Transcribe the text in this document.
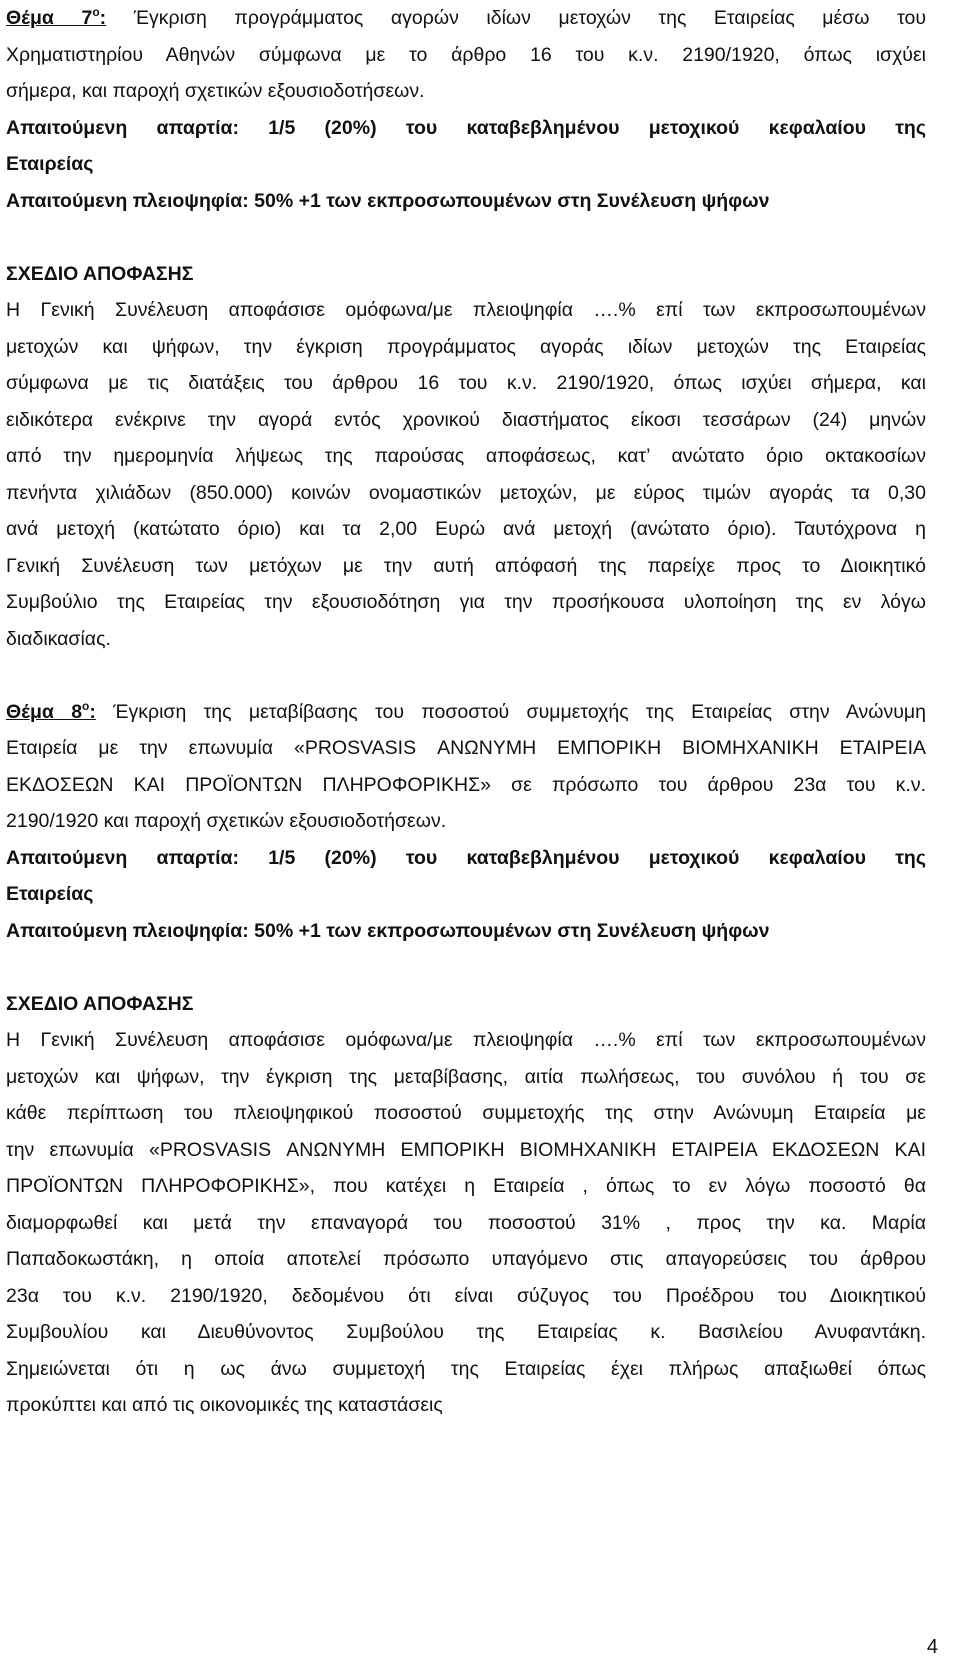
Θέμα $7^o$: Έγκριση προγράμματος αγορών ιδίων μετοχών της Εταιρείας μέσω του
Χρηματιστηρίου Αθηνών σύμφωνα με το άρθρο 16 του κ.ν. 2190/1920, όπως ισχύει
σήμερα, και παροχή σχετικών εξουσιοδοτήσεων.
Απαιτούμενη απαρτία: 1/5 (20%) του καταβεβλημένου μετοχικού κεφαλαίου της
Εταιρείας
Απαιτούμενη πλειοψηφία: 50% +1 των εκπροσωπουμένων στη Συνέλευση ψήφων
ΣΧΕΔΙΟ ΑΠΟΦΑΣΗΣ
Η Γενική Συνέλευση αποφάσισε ομόφωνα/με πλειοψηφία ….% επί των εκπροσωπουμένων
μετοχών και ψήφων, την έγκριση προγράμματος αγοράς ιδίων μετοχών της Εταιρείας
σύμφωνα με τις διατάξεις του άρθρου 16 του κ.ν. 2190/1920, όπως ισχύει σήμερα, και
ειδικότερα ενέκρινε την αγορά εντός χρονικού διαστήματος είκοσι τεσσάρων (24) μηνών
από την ημερομηνία λήψεως της παρούσας αποφάσεως, κατ’ ανώτατο όριο οκτακοσίων
πενήντα χιλιάδων (850.000) κοινών ονομαστικών μετοχών, με εύρος τιμών αγοράς τα 0,30
ανά μετοχή (κατώτατο όριο) και τα 2,00 Ευρώ ανά μετοχή (ανώτατο όριο). Ταυτόχρονα η
Γενική Συνέλευση των μετόχων με την αυτή απόφασή της παρείχε προς το Διοικητικό
Συμβούλιο της Εταιρείας την εξουσιοδότηση για την προσήκουσα υλοποίηση της εν λόγω
διαδικασίας.
Θέμα $8^o$: Έγκριση της μεταβίβασης του ποσοστού συμμετοχής της Εταιρείας στην Ανώνυμη
Εταιρεία με την επωνυμία «PROSVASIS ΑΝΩΝΥΜΗ ΕΜΠΟΡΙΚΗ ΒΙΟΜΗΧΑΝΙΚΗ ΕΤΑΙΡΕΙΑ
ΕΚΔΟΣΕΩΝ ΚΑΙ ΠΡΟΪΟΝΤΩΝ ΠΛΗΡΟΦΟΡΙΚΗΣ» σε πρόσωπο του άρθρου 23α του κ.ν.
2190/1920 και παροχή σχετικών εξουσιοδοτήσεων.
Απαιτούμενη απαρτία: 1/5 (20%) του καταβεβλημένου μετοχικού κεφαλαίου της
Εταιρείας
Απαιτούμενη πλειοψηφία: 50% +1 των εκπροσωπουμένων στη Συνέλευση ψήφων
ΣΧΕΔΙΟ ΑΠΟΦΑΣΗΣ
Η Γενική Συνέλευση αποφάσισε ομόφωνα/με πλειοψηφία ….% επί των εκπροσωπουμένων
μετοχών και ψήφων, την έγκριση της μεταβίβασης, αιτία πωλήσεως, του συνόλου ή του σε
κάθε περίπτωση του πλειοψηφικού ποσοστού συμμετοχής της στην Ανώνυμη Εταιρεία με
την επωνυμία «PROSVASIS ΑΝΩΝΥΜΗ ΕΜΠΟΡΙΚΗ ΒΙΟΜΗΧΑΝΙΚΗ ΕΤΑΙΡΕΙΑ ΕΚΔΟΣΕΩΝ ΚΑΙ
ΠΡΟΪΟΝΤΩΝ ΠΛΗΡΟΦΟΡΙΚΗΣ», που κατέχει η Εταιρεία , όπως το εν λόγω ποσοστό θα
διαμορφωθεί και μετά την επαναγορά του ποσοστού 31% , προς την κα. Μαρία
Παπαδοκωστάκη, η οποία αποτελεί πρόσωπο υπαγόμενο στις απαγορεύσεις του άρθρου
23α του κ.ν. 2190/1920, δεδομένου ότι είναι σύζυγος του Προέδρου του Διοικητικού
Συμβουλίου και Διευθύνοντος Συμβούλου της Εταιρείας κ. Βασιλείου Ανυφαντάκη.
Σημειώνεται ότι η ως άνω συμμετοχή της Εταιρείας έχει πλήρως απαξιωθεί όπως
προκύπτει και από τις οικονομικές της καταστάσεις
4
